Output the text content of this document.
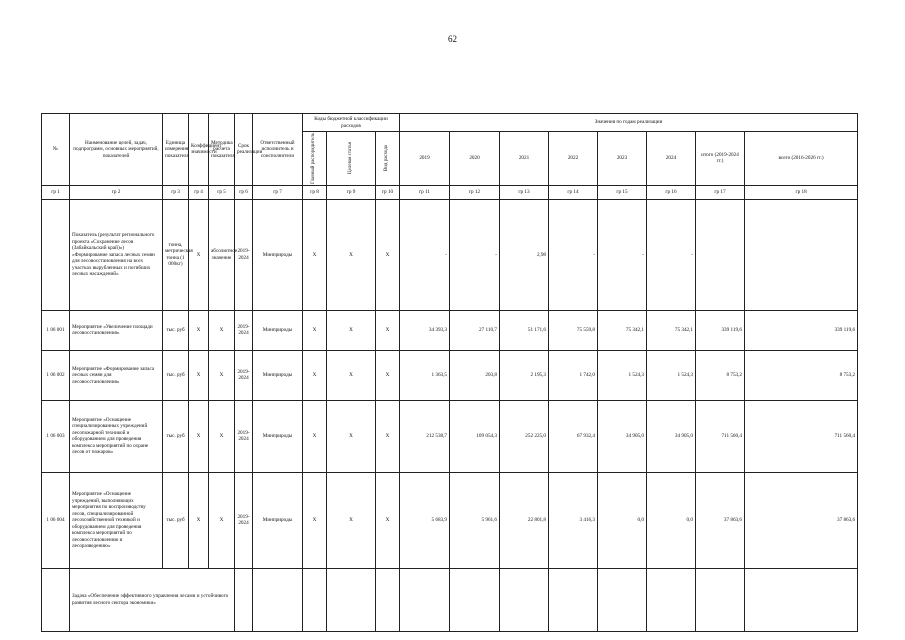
62
№	Наименование целей, задач, подпрограмм, основных мероприятий, показателей	Единица измерения показателя	Коэффициент значимости	Методика расчета показателя	Срок реализации	Ответственный исполнитель и соисполнители	Коды бюджетной классификации расходов			Значения по годам реализации							

							Главный распорядитель	Целевая статья	Вид расхода	2019	2020	2021	2022	2023	2024	итого (2019-2024 гг.)	всего (2016-2026 гг.)
гр 1	гр 2	гр 3	гр 4	гр 5	гр 6	гр 7	гр 8	гр 9	гр 10	гр 11	гр 12	гр 13	гр 14	гр 15	гр 16	гр 17	гр 18
	Показатель (результат регионального проекта «Сохранение лесов (Забайкальский край)») «Формирование запаса лесных семян для лесовосстановления на всех участках вырубленных и погибших лесных насаждений»	тонна, метрическая тонна (1 000кг)	X	абсолютное значение	2019-2024	Минприроды	X	X	X	-	-	2,98	-	-	-		
1 06 001	Мероприятие «Увеличение площади лесовосстановления»	тыс. руб	X	X	2019-2024	Минприроды	X	X	X	34 393,3	27 110,7	51 171,6	75 559,8	75 342,1	75 342,1	339 119,6	339 119,6
1 06 002	Мероприятие «Формирование запаса лесных семян для лесовосстановления»	тыс. руб	X	X	2019-2024	Минприроды	X	X	X	1 363,5	203,8	2 195,3	1 742,0	1 524,3	1 524,3	8 753,2	8 753,2
1 06 003	Мероприятие «Оснащение специализированных учреждений лесопожарной техникой и оборудованием для проведения комплекса мероприятий по охране лесов от пожаров»	тыс. руб	X	X	2019-2024	Минприроды	X	X	X	212 538,7	109 054,3	252 225,0	67 932,4	34 905,0	34 905,0	711 560,4	711 560,4
1 06 004	Мероприятие «Оснащение учреждений, выполняющих мероприятия по воспроизводству лесов, специализированной лесохозяйственной техникой и оборудованием для проведения комплекса мероприятий по лесовосстановлению и лесоразведению»	тыс. руб	X	X	2019-2024	Минприроды	X	X	X	5 683,9	5 961,6	22 801,8	3 416,3	0,0	0,0	37 863,6	37 863,6
	Задача «Обеспечение эффективного управления лесами и устойчивого развития лесного сектора экономики»																
